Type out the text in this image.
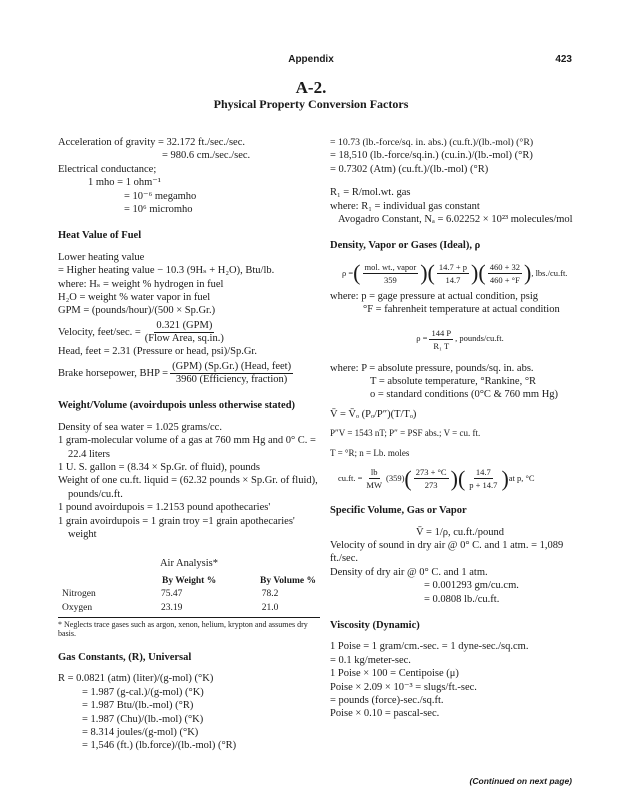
Appendix	423
A-2.
Physical Property Conversion Factors
Acceleration of gravity = 32.172 ft./sec./sec.
= 980.6 cm./sec./sec.
Electrical conductance;
1 mho = 1 ohm⁻¹
= 10⁻⁶ megamho
= 10⁶ micromho
Heat Value of Fuel
Lower heating value
= Higher heating value − 10.3 (9Hₛ + H₂O), Btu/lb.
where: Hₛ = weight % hydrogen in fuel
H₂O = weight % water vapor in fuel
GPM = (pounds/hour)/(500 × Sp.Gr.)
Velocity, feet/sec. = $\frac{\text{0.321 (GPM)}}{\text{(Flow Area, sq.in.)}}$
Head, feet = 2.31 (Pressure or head, psi)/Sp.Gr.
Brake horsepower, BHP = $\frac{\text{(GPM) (Sp.Gr.) (Head, feet)}}{\text{3960 (Efficiency, fraction)}}$
Weight/Volume (avoirdupois unless otherwise stated)
Density of sea water = 1.025 grams/cc.
1 gram-molecular volume of a gas at 760 mm Hg and 0° C. = 22.4 liters
1 U. S. gallon = (8.34 × Sp.Gr. of fluid), pounds
Weight of one cu.ft. liquid = (62.32 pounds × Sp.Gr. of fluid), pounds/cu.ft.
1 pound avoirdupois = 1.2153 pound apothecaries'
1 grain avoirdupois = 1 grain troy =1 grain apothecaries' weight
Air Analysis*
	By Weight %	By Volume %
Nitrogen	75.47	78.2
Oxygen	23.19	21.0
* Neglects trace gases such as argon, xenon, helium, krypton and assumes dry basis.
Gas Constants, (R), Universal
R = 0.0821 (atm) (liter)/(g-mol) (°K)
= 1.987 (g-cal.)/(g-mol) (°K)
= 1.987 Btu/(lb.-mol) (°R)
= 1.987 (Chu)/(lb.-mol) (°K)
= 8.314 joules/(g-mol) (°K)
= 1,546 (ft.) (lb.force)/(lb.-mol) (°R)
= 10.73 (lb.-force/sq. in. abs.) (cu.ft.)/(lb.-mol) (°R)
= 18,510 (lb.-force/sq.in.) (cu.in.)/(lb.-mol) (°R)
= 0.7302 (Atm) (cu.ft.)/(lb.-mol) (°R)
R₁ = R/mol.wt. gas
where: R₁ = individual gas constant
Avogadro Constant, Nₐ = 6.02252 × 10²³ molecules/mol
Density, Vapor or Gases (Ideal), ρ
ρ = ( $\frac{\text{mol. wt., vapor}}{359}$ ) ( $\frac{14.7 + p}{14.7}$ ) ( $\frac{460 + 32}{460 + ^\circ F}$ ) , lbs./cu.ft.
where: p = gage pressure at actual condition, psig
°F = fahrenheit temperature at actual condition
$\rho = \frac{144 P}{\text{R₁ T}}$ , pounds/cu.ft.
where: P = absolute pressure, pounds/sq. in. abs.
T = absolute temperature, °Rankine, °R
o = standard conditions (0°C & 760 mm Hg)
V̄ = V̄ₒ (Pₒ/P″)(T/Tₒ)
P″V = 1543 nT; P″ = PSF abs.; V = cu. ft.
T = °R; n = Lb. moles
cu.ft. = $\frac{lb}{MW} (359)$ ( $\frac{273 + ^\circ C}{273}$ ) ( $\frac{14.7}{p + 14.7}$ ) at p, °C
Specific Volume, Gas or Vapor
V̄ = 1/ρ, cu.ft./pound
Velocity of sound in dry air @ 0° C. and 1 atm. = 1,089 ft./sec.
Density of dry air @ 0° C. and 1 atm.
= 0.001293 gm/cu.cm.
= 0.0808 lb./cu.ft.
Viscosity (Dynamic)
1 Poise = 1 gram/cm.-sec. = 1 dyne-sec./sq.cm.
= 0.1 kg/meter-sec.
1 Poise × 100 = Centipoise (μ)
Poise × 2.09 × 10⁻³ = slugs/ft.-sec.
= pounds (force)-sec./sq.ft.
Poise × 0.10 = pascal-sec.
(Continued on next page)
